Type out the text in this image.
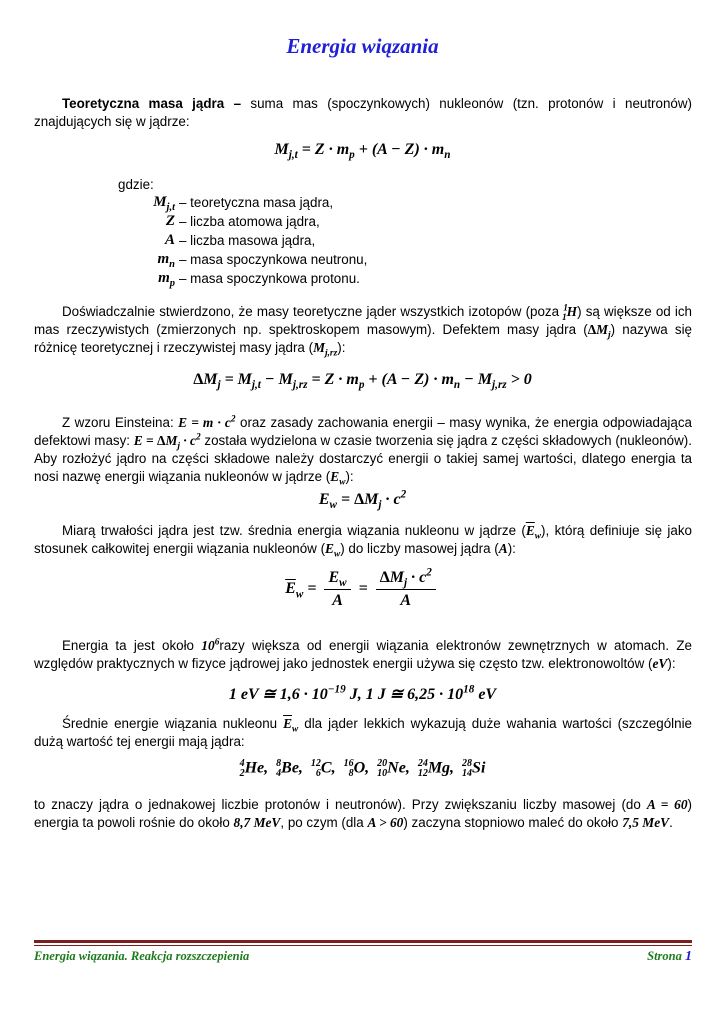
Energia wiązania
Teoretyczna masa jądra – suma mas (spoczynkowych) nukleonów (tzn. protonów i neutronów) znajdujących się w jądrze:
$M_{j,t} = Z \cdot m_p + (A - Z) \cdot m_n$
gdzie:
$M_{j,t}$ – teoretyczna masa jądra,
Z – liczba atomowa jądra,
A – liczba masowa jądra,
$m_n$ – masa spoczynkowa neutronu,
$m_p$ – masa spoczynkowa protonu.
Doświadczalnie stwierdzono, że masy teoretyczne jąder wszystkich izotopów (poza $^1_1$H) są większe od ich mas rzeczywistych (zmierzonych np. spektroskopem masowym). Defektem masy jądra $(\Delta M_j)$ nazywa się różnicę teoretycznej i rzeczywistej masy jądra $(M_{j,rz})$:
$\Delta M_j = M_{j,t} - M_{j,rz} = Z \cdot m_p + (A - Z) \cdot m_n - M_{j,rz} > 0$
Z wzoru Einsteina: $E = m \cdot c^2$ oraz zasady zachowania energii – masy wynika, że energia odpowiadająca defektowi masy: $E = \Delta M_j \cdot c^2$ została wydzielona w czasie tworzenia się jądra z części składowych (nukleonów). Aby rozłożyć jądro na części składowe należy dostarczyć energii o takiej samej wartości, dlatego energia ta nosi nazwę energii wiązania nukleonów w jądrze $(E_w)$:
$E_w = \Delta M_j \cdot c^2$
Miarą trwałości jądra jest tzw. średnia energia wiązania nukleonu w jądrze $(\overline{E}_w)$, którą definiuje się jako stosunek całkowitej energii wiązania nukleonów $(E_w)$ do liczby masowej jądra (A):
$\overline{E}_w = \frac{E_w}{A} = \frac{\Delta M_j \cdot c^2}{A}$
Energia ta jest około $10^6razy$ większa od energii wiązania elektronów zewnętrznych w atomach. Ze względów praktycznych w fizyce jądrowej jako jednostek energii używa się często tzw. elektronowoltów (eV):
1 eV ≅ $1,6 \cdot 10^{-19}$ J, 1 J ≅ $6,25 \cdot 10^{18}$ eV
Średnie energie wiązania nukleonu $\overline{E}_w$ dla jąder lekkich wykazują duże wahania wartości (szczególnie dużą wartość tej energii mają jądra:
4
2He, 8
4Be, 12
6C, 16
8O, 20
10Ne, 24
12Mg, 28
14Si
to znaczy jądra o jednakowej liczbie protonów i neutronów). Przy zwiększaniu liczby masowej (do A = 60) energia ta powoli rośnie do około 8,7 MeV, po czym (dla A > 60) zaczyna stopniowo maleć do około 7,5 MeV.
Energia wiązania. Reakcja rozszczepienia	Strona 1
